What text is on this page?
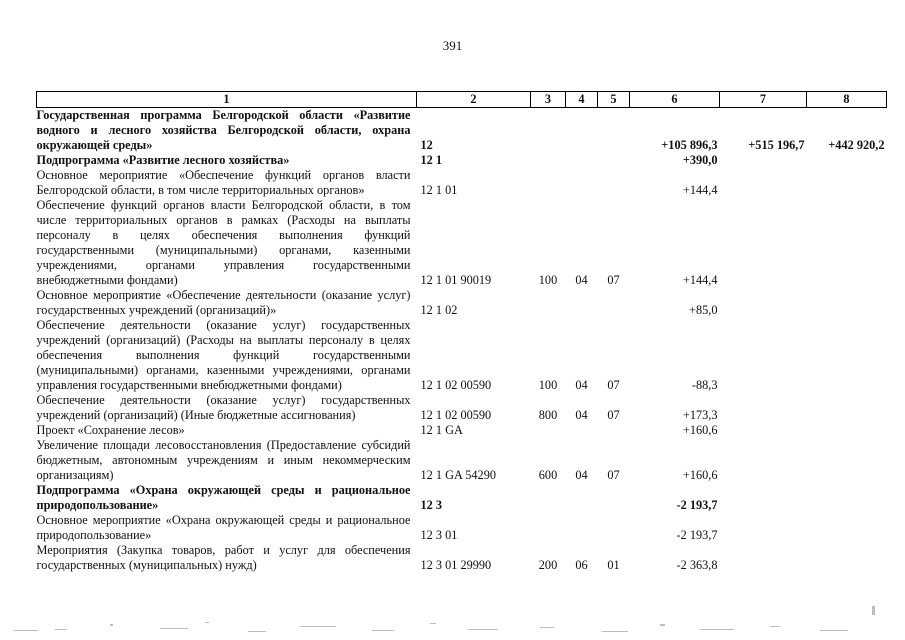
391
1	2	3	4	5	6	7	8
Государственная программа Белгородской области «Развитие водного и лесного хозяйства Белгородской области, охрана окружающей среды»	12				+105 896,3	+515 196,7	+442 920,2
Подпрограмма «Развитие лесного хозяйства»	12 1				+390,0		
Основное мероприятие «Обеспечение функций органов власти Белгородской области, в том числе территориальных органов»	12 1 01				+144,4		
Обеспечение функций органов власти Белгородской области, в том числе территориальных органов в рамках (Расходы на выплаты персоналу в целях обеспечения выполнения функций государственными (муниципальными) органами, казенными учреждениями, органами управления государственными внебюджетными фондами)	12 1 01 90019	100	04	07	+144,4		
Основное мероприятие «Обеспечение деятельности (оказание услуг) государственных учреждений (организаций)»	12 1 02				+85,0		
Обеспечение деятельности (оказание услуг) государственных учреждений (организаций) (Расходы на выплаты персоналу в целях обеспечения выполнения функций государственными (муниципальными) органами, казенными учреждениями, органами управления государственными внебюджетными фондами)	12 1 02 00590	100	04	07	-88,3		
Обеспечение деятельности (оказание услуг) государственных учреждений (организаций) (Иные бюджетные ассигнования)	12 1 02 00590	800	04	07	+173,3		
Проект «Сохранение лесов»	12 1 GA				+160,6		
Увеличение площади лесовосстановления (Предоставление субсидий бюджетным, автономным учреждениям и иным некоммерческим организациям)	12 1 GA 54290	600	04	07	+160,6		
Подпрограмма «Охрана окружающей среды и рациональное природопользование»	12 3				-2 193,7		
Основное мероприятие «Охрана окружающей среды и рациональное природопользование»	12 3 01				-2 193,7		
Мероприятия (Закупка товаров, работ и услуг для обеспечения государственных (муниципальных) нужд)	12 3 01 29990	200	06	01	-2 363,8		
